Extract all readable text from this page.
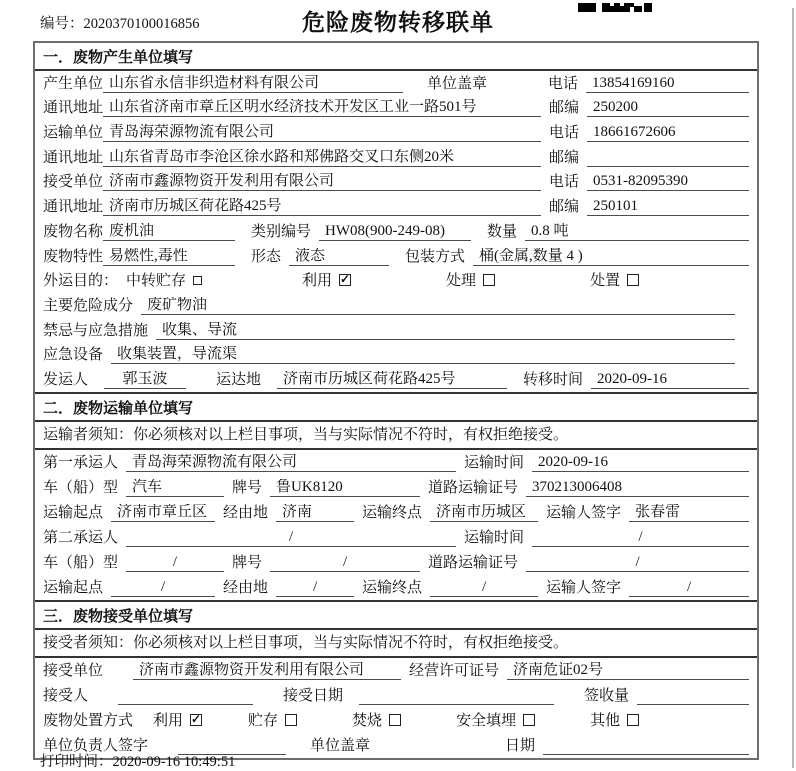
编号：2020370100016856	危险废物转移联单
一．废物产生单位填写
产生单位 山东省永信非织造材料有限公司	单位盖章	电话 13854169160
通讯地址 山东省济南市章丘区明水经济技术开发区工业一路501号	邮编 250200
运输单位 青岛海荣源物流有限公司	电话 18661672606
通讯地址 山东省青岛市李沧区徐水路和郑佛路交叉口东侧20米	邮编
接受单位 济南市鑫源物资开发利用有限公司	电话 0531-82095390
通讯地址 济南市历城区荷花路425号	邮编 250101
废物名称 废机油	类别编号 HW08(900-249-08)	数量 0.8 吨
废物特性 易燃性,毒性	形态 液态	包装方式 桶(金属,数量 4 )
外运目的： 中转贮存	利用 ✓	处理	处置
主要危险成分 废矿物油
禁忌与应急措施 收集、导流
应急设备 收集装置，导流渠
发运人	郭玉波	运达地	济南市历城区荷花路425号	转移时间 2020-09-16
二．废物运输单位填写
运输者须知：你必须核对以上栏目事项，当与实际情况不符时，有权拒绝接受。
第一承运人 青岛海荣源物流有限公司	运输时间 2020-09-16
车（船）型 汽车	牌号 鲁UK8120	道路运输证号 370213006408
运输起点 济南市章丘区	经由地 济南	运输终点 济南市历城区	运输人签字 张春雷
第二承运人	/	运输时间	/
车（船）型	/	牌号	/	道路运输证号	/
运输起点	/	经由地	/	运输终点	/	运输人签字	/
三．废物接受单位填写
接受者须知：你必须核对以上栏目事项，当与实际情况不符时，有权拒绝接受。
接受单位	济南市鑫源物资开发利用有限公司	经营许可证号 济南危证02号
接受人	接受日期	签收量
废物处置方式 利用 ✓	贮存	焚烧	安全填埋	其他
单位负责人签字	单位盖章	日期
打印时间：2020-09-16 10:49:51
